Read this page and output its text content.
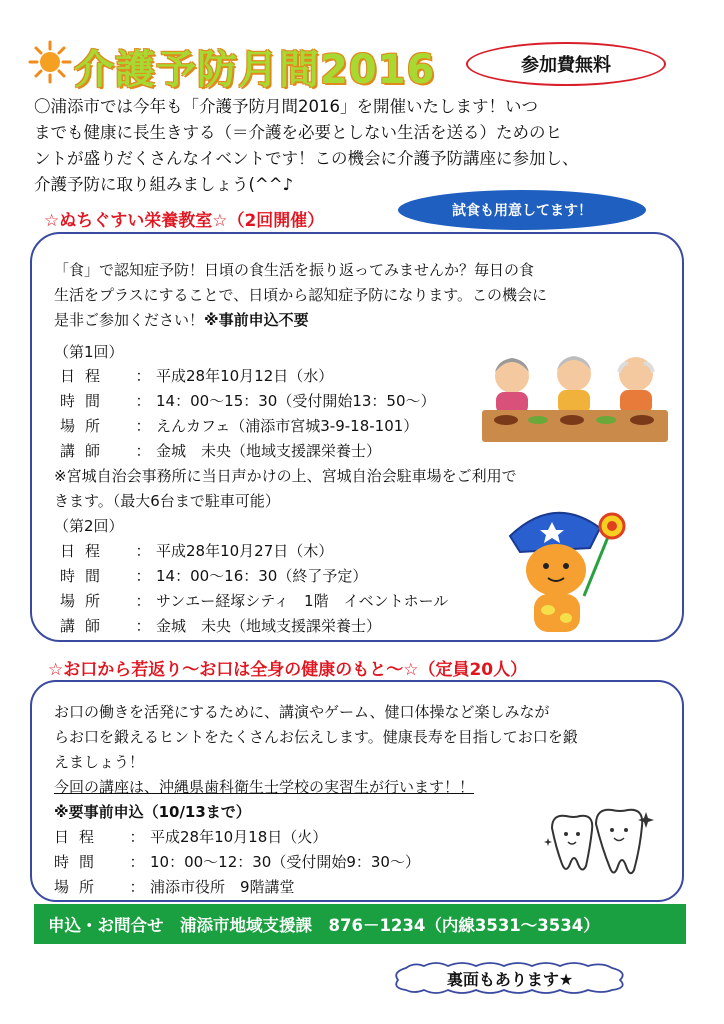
介護予防月間2016	参加費無料
〇浦添市では今年も「介護予防月間2016」を開催いたします！いつ
までも健康に長生きする（＝介護を必要としない生活を送る）ためのヒ
ントが盛りだくさんなイベントです！この機会に介護予防講座に参加し、
介護予防に取り組みましょう(^^♪
☆ぬちぐすい栄養教室☆（2回開催）	試食も用意してます！
「食」で認知症予防！日頃の食生活を振り返ってみませんか？毎日の食
生活をプラスにすることで、日頃から認知症予防になります。この機会に
是非ご参加ください！※事前申込不要
（第1回）
日程	： 平成28年10月12日（水）
時間	： 14：00～15：30（受付開始13：50～）
場所	： えんカフェ（浦添市宮城3-9-18-101）
講師	： 金城　未央（地域支援課栄養士）
※宮城自治会事務所に当日声かけの上、宮城自治会駐車場をご利用で
きます。（最大6台まで駐車可能）
（第2回）
日程	： 平成28年10月27日（木）
時間	： 14：00～16：30（終了予定）
場所	： サンエー経塚シティ　1階　イベントホール
講師	： 金城　未央（地域支援課栄養士）
☆お口から若返り～お口は全身の健康のもと～☆（定員20人）
お口の働きを活発にするために、講演やゲーム、健口体操など楽しみなが
らお口を鍛えるヒントをたくさんお伝えします。健康長寿を目指してお口を鍛
えましょう！
今回の講座は、沖縄県歯科衛生士学校の実習生が行います！！
※要事前申込（10/13まで）
日程	： 平成28年10月18日（火）
時間	： 10：00～12：30（受付開始9：30～）
場所	： 浦添市役所　9階講堂
申込・お問合せ　浦添市地域支援課　876－1234（内線3531～3534）
裏面もあります★
